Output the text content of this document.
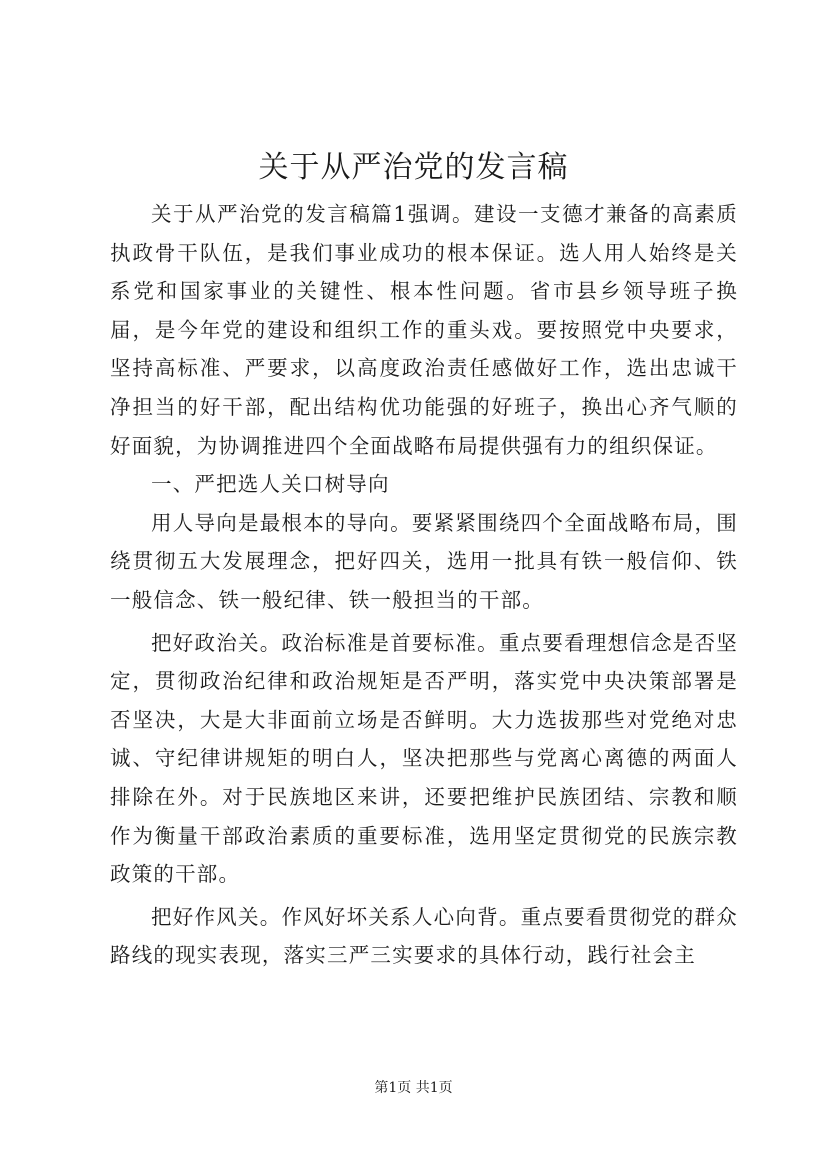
关于从严治党的发言稿

关于从严治党的发言稿篇1强调。建设一支德才兼备的高素质执政骨干队伍，是我们事业成功的根本保证。选人用人始终是关系党和国家事业的关键性、根本性问题。省市县乡领导班子换届，是今年党的建设和组织工作的重头戏。要按照党中央要求，坚持高标准、严要求，以高度政治责任感做好工作，选出忠诚干净担当的好干部，配出结构优功能强的好班子，换出心齐气顺的好面貌，为协调推进四个全面战略布局提供强有力的组织保证。

一、严把选人关口树导向

用人导向是最根本的导向。要紧紧围绕四个全面战略布局，围绕贯彻五大发展理念，把好四关，选用一批具有铁一般信仰、铁一般信念、铁一般纪律、铁一般担当的干部。

把好政治关。政治标准是首要标准。重点要看理想信念是否坚定，贯彻政治纪律和政治规矩是否严明，落实党中央决策部署是否坚决，大是大非面前立场是否鲜明。大力选拔那些对党绝对忠诚、守纪律讲规矩的明白人，坚决把那些与党离心离德的两面人排除在外。对于民族地区来讲，还要把维护民族团结、宗教和顺作为衡量干部政治素质的重要标准，选用坚定贯彻党的民族宗教政策的干部。

把好作风关。作风好坏关系人心向背。重点要看贯彻党的群众路线的现实表现，落实三严三实要求的具体行动，践行社会主

第1页 共1页
